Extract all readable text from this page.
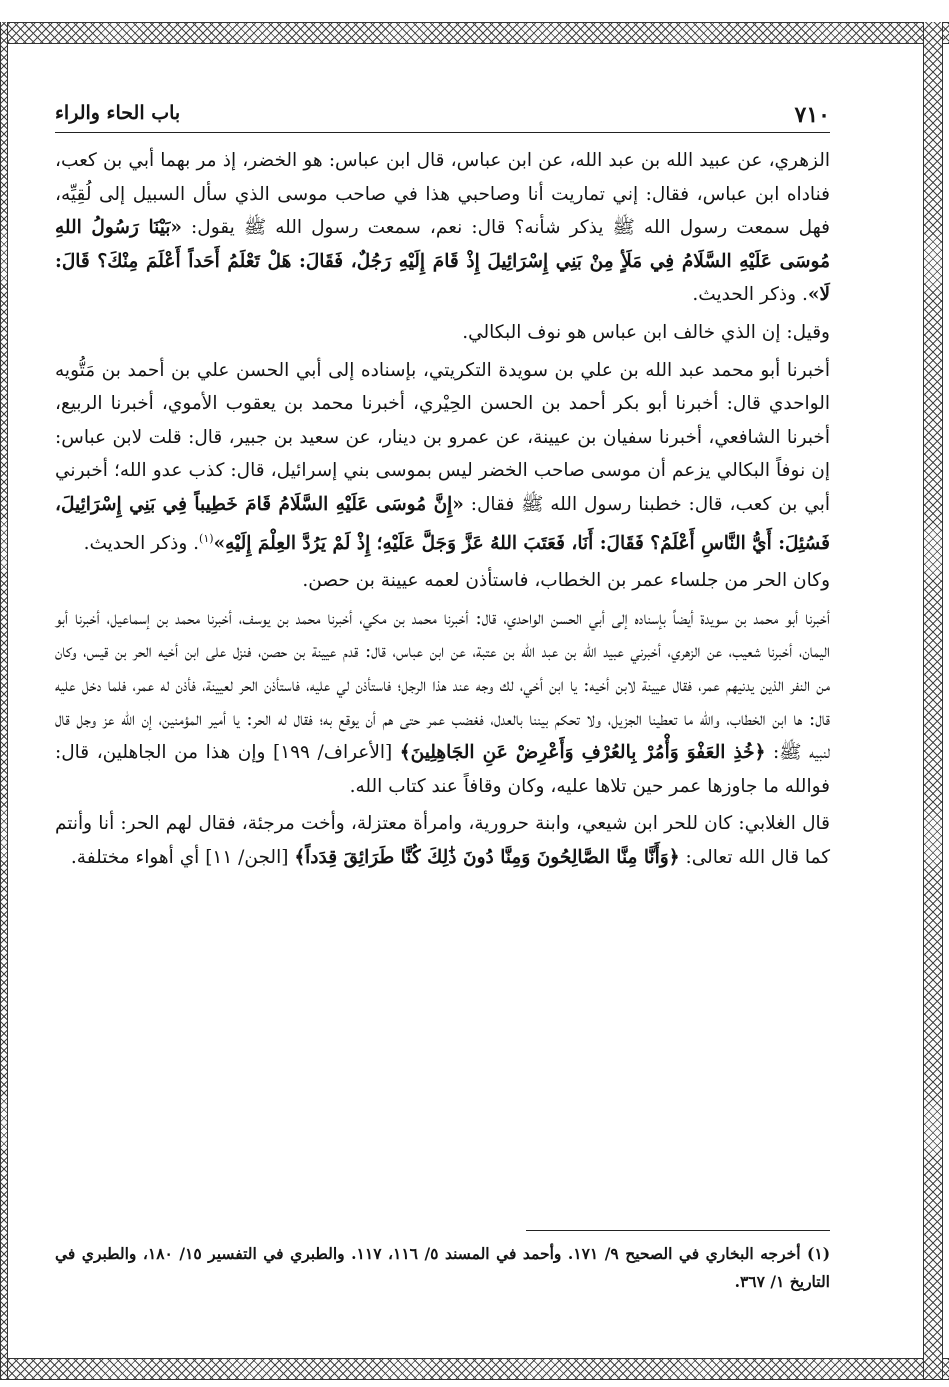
٧١٠
باب الحاء والراء

الزهري، عن عبيد الله بن عبد الله، عن ابن عباس، قال ابن عباس: هو الخضر، إذ مر بهما أبي بن كعب، فناداه ابن عباس، فقال: إني تماريت أنا وصاحبي هذا في صاحب موسى الذي سأل السبيل إلى لُقِيِّه، فهل سمعت رسول الله ﷺ يذكر شأنه؟ قال: نعم، سمعت رسول الله ﷺ يقول: «بَيْنَا رَسُولُ اللهِ مُوسَى عَلَيْهِ السَّلَامُ فِي مَلَأٍ مِنْ بَنِي إِسْرَائِيلَ إِذْ قَامَ إِلَيْهِ رَجُلٌ، فَقَالَ: هَلْ تَعْلَمُ أَحَداً أَعْلَمَ مِنْكَ؟ قَالَ: لَا». وذكر الحديث.

وقيل: إن الذي خالف ابن عباس هو نوف البكالي.

أخبرنا أبو محمد عبد الله بن علي بن سويدة التكريتي، بإسناده إلى أبي الحسن علي بن أحمد بن مَتُّويه الواحدي قال: أخبرنا أبو بكر أحمد بن الحسن الحِيْري، أخبرنا محمد بن يعقوب الأموي، أخبرنا الربيع، أخبرنا الشافعي، أخبرنا سفيان بن عيينة، عن عمرو بن دينار، عن سعيد بن جبير، قال: قلت لابن عباس: إن نوفاً البكالي يزعم أن موسى صاحب الخضر ليس بموسى بني إسرائيل، قال: كذب عدو الله؛ أخبرني أبي بن كعب، قال: خطبنا رسول الله ﷺ فقال: «إِنَّ مُوسَى عَلَيْهِ السَّلَامُ قَامَ خَطِيباً فِي بَنِي إِسْرَائِيلَ، فَسُئِلَ: أَيُّ النَّاسِ أَعْلَمُ؟ فَقَالَ: أَنَا، فَعَتَبَ اللهُ عَزَّ وَجَلَّ عَلَيْهِ؛ إِذْ لَمْ يَرُدَّ العِلْمَ إِلَيْهِ»$^{(١)}$. وذكر الحديث.

وكان الحر من جلساء عمر بن الخطاب، فاستأذن لعمه عيينة بن حصن.

أخبرنا أبو محمد بن سويدة أيضاً بإسناده إلى أبي الحسن الواحدي، قال: أخبرنا محمد بن مكي، أخبرنا محمد بن يوسف، أخبرنا محمد بن إسماعيل، أخبرنا أبو اليمان، أخبرنا شعيب، عن الزهري، أخبرني عبيد الله بن عبد الله بن عتبة، عن ابن عباس، قال: قدم عيينة بن حصن، فنزل على ابن أخيه الحر بن قيس، وكان من النفر الذين يدنيهم عمر، فقال عيينة لابن أخيه: يا ابن أخي، لك وجه عند هذا الرجل؛ فاستأذن لي عليه، فاستأذن الحر لعيينة، فأذن له عمر، فلما دخل عليه قال: ها ابن الخطاب، والله ما تعطينا الجزيل، ولا تحكم بيننا بالعدل، فغضب عمر حتى هم أن يوقع به؛ فقال له الحر: يا أمير المؤمنين، إن الله عز وجل قال لنبيه ﷺ: ﴿خُذِ العَفْوَ وَأْمُرْ بِالعُرْفِ وَأَعْرِضْ عَنِ الجَاهِلِينَ﴾ [الأعراف/ ١٩٩] وإن هذا من الجاهلين، قال: فوالله ما جاوزها عمر حين تلاها عليه، وكان وقافاً عند كتاب الله.

قال الغلابي: كان للحر ابن شيعي، وابنة حرورية، وامرأة معتزلة، وأخت مرجئة، فقال لهم الحر: أنا وأنتم كما قال الله تعالى: ﴿وَأَنَّا مِنَّا الصَّالِحُونَ وَمِنَّا دُونَ ذَٰلِكَ كُنَّا طَرَائِقَ قِدَداً﴾ [الجن/ ١١] أي أهواء مختلفة.

(١) أخرجه البخاري في الصحيح ٩/ ١٧١. وأحمد في المسند ٥/ ١١٦، ١١٧. والطبري في التفسير ١٥/ ١٨٠، والطبري في التاريخ ١/ ٣٦٧.
